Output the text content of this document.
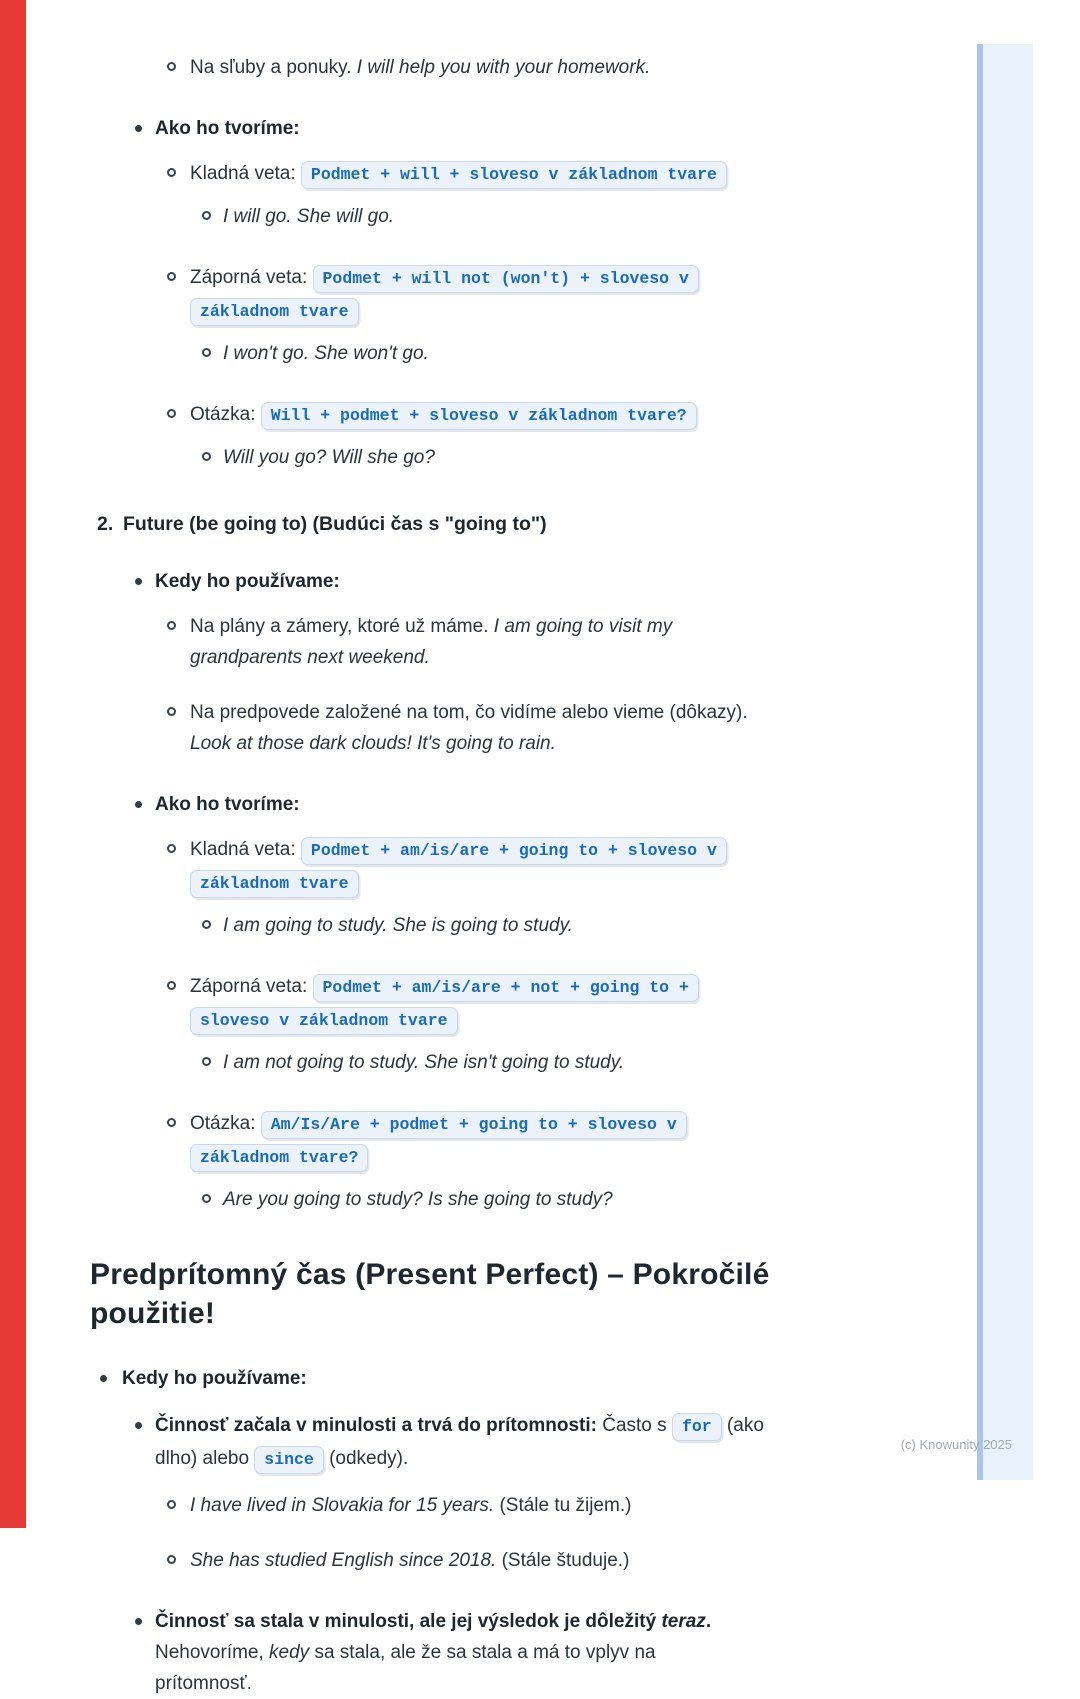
(c) Knowunity 2025
Na sľuby a ponuky. I will help you with your homework.
Ako ho tvoríme:
Kladná veta: Podmet + will + sloveso v základnom tvare
I will go. She will go.
Záporná veta: Podmet + will not (won't) + sloveso v
základnom tvare
I won't go. She won't go.
Otázka: Will + podmet + sloveso v základnom tvare?
Will you go? Will she go?
2. Future (be going to) (Budúci čas s "going to")
Kedy ho používame:
Na plány a zámery, ktoré už máme. I am going to visit my
grandparents next weekend.
Na predpovede založené na tom, čo vidíme alebo vieme (dôkazy).
Look at those dark clouds! It's going to rain.
Ako ho tvoríme:
Kladná veta: Podmet + am/is/are + going to + sloveso v
základnom tvare
I am going to study. She is going to study.
Záporná veta: Podmet + am/is/are + not + going to +
sloveso v základnom tvare
I am not going to study. She isn't going to study.
Otázka: Am/Is/Are + podmet + going to + sloveso v
základnom tvare?
Are you going to study? Is she going to study?
Predprítomný čas (Present Perfect) – Pokročilé
použitie!
Kedy ho používame:
Činnosť začala v minulosti a trvá do prítomnosti: Často s for (ako
dlho) alebo since (odkedy).
I have lived in Slovakia for 15 years. (Stále tu žijem.)
She has studied English since 2018. (Stále študuje.)
Činnosť sa stala v minulosti, ale jej výsledok je dôležitý teraz.
Nehovoríme, kedy sa stala, ale že sa stala a má to vplyv na
prítomnosť.
